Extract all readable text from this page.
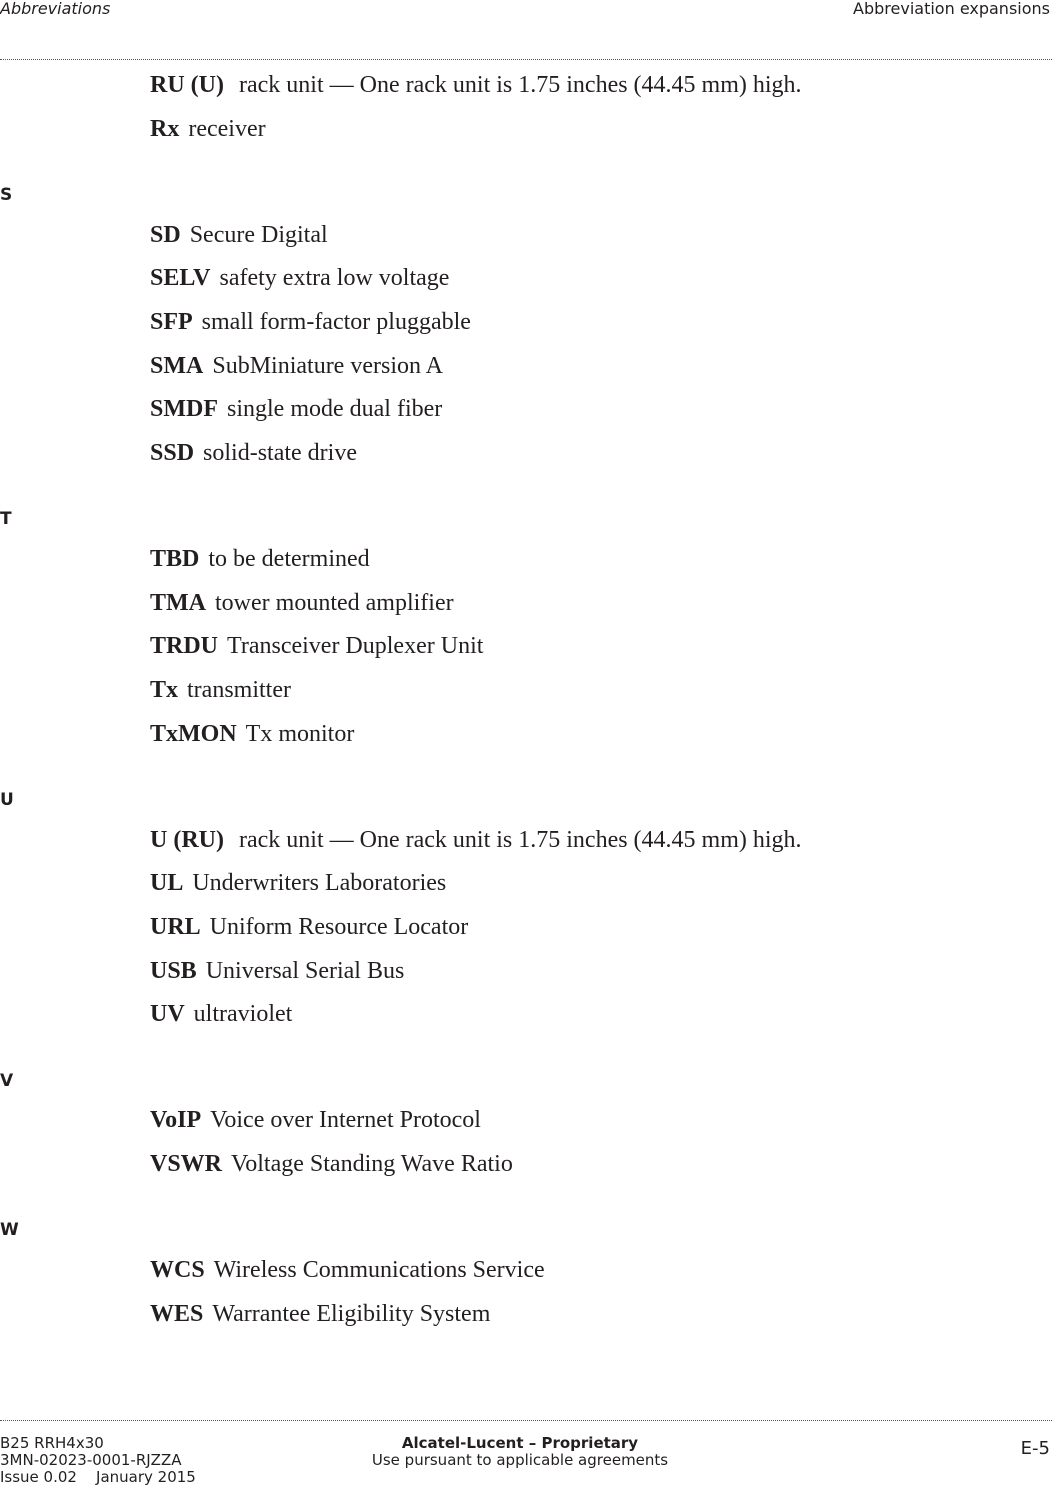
Abbreviations	Abbreviation expansions
RU (U) rack unit — One rack unit is 1.75 inches (44.45 mm) high.
Rx receiver
S
SD Secure Digital
SELV safety extra low voltage
SFP small form-factor pluggable
SMA SubMiniature version A
SMDF single mode dual fiber
SSD solid-state drive
T
TBD to be determined
TMA tower mounted amplifier
TRDU Transceiver Duplexer Unit
Tx transmitter
TxMON Tx monitor
U
U (RU) rack unit — One rack unit is 1.75 inches (44.45 mm) high.
UL Underwriters Laboratories
URL Uniform Resource Locator
USB Universal Serial Bus
UV ultraviolet
V
VoIP Voice over Internet Protocol
VSWR Voltage Standing Wave Ratio
W
WCS Wireless Communications Service
WES Warrantee Eligibility System
B25 RRH4x30
3MN-02023-0001-RJZZA
Issue 0.02    January 2015
Alcatel-Lucent – Proprietary
Use pursuant to applicable agreements
E-5
